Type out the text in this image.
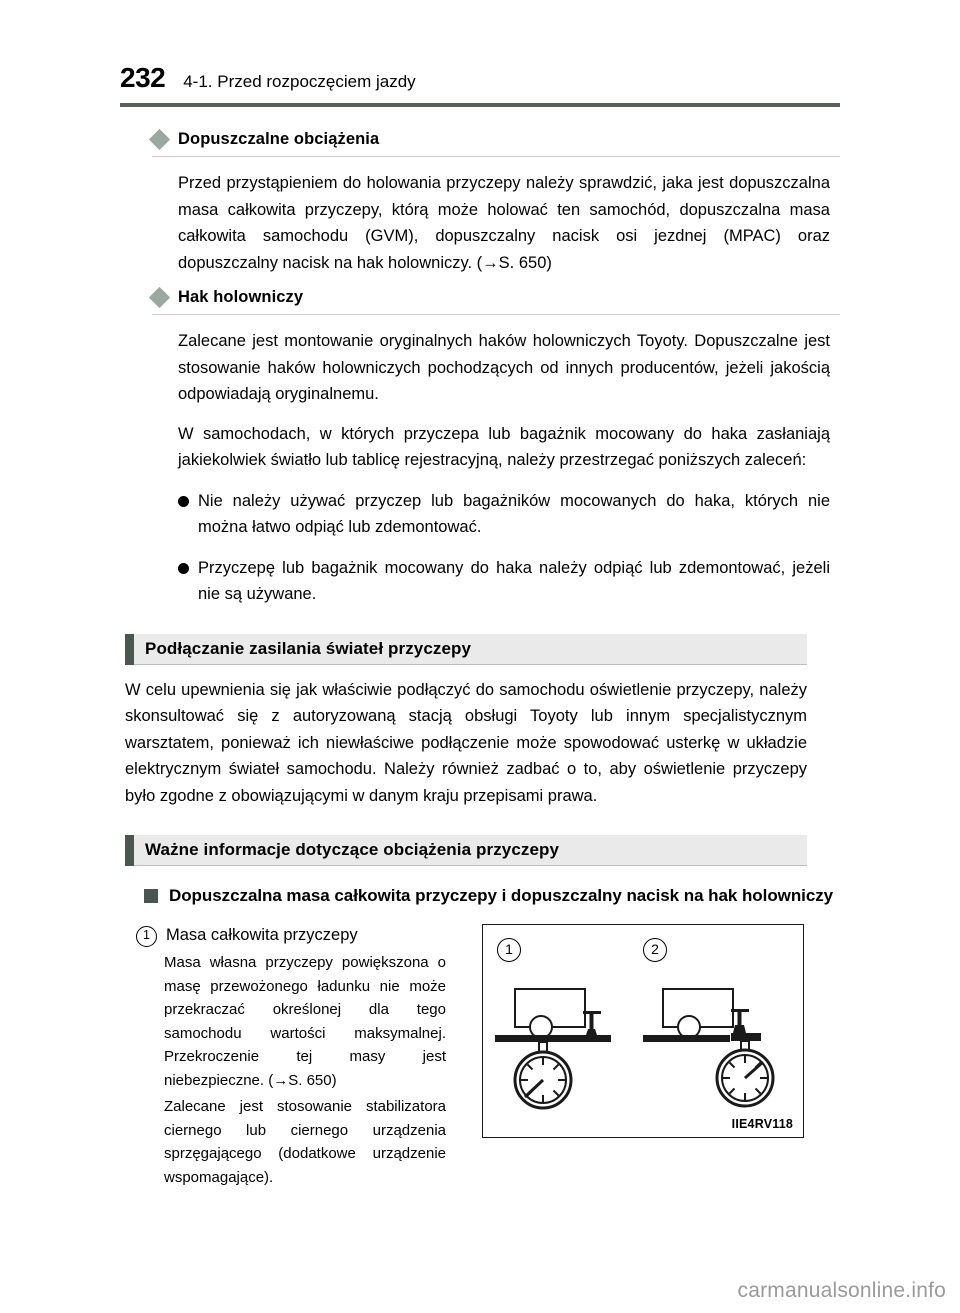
232 4-1. Przed rozpoczęciem jazdy
Dopuszczalne obciążenia
Przed przystąpieniem do holowania przyczepy należy sprawdzić, jaka jest dopuszczalna masa całkowita przyczepy, którą może holować ten samochód, dopuszczalna masa całkowita samochodu (GVM), dopuszczalny nacisk osi jezdnej (MPAC) oraz dopuszczalny nacisk na hak holowniczy. (→S. 650)
Hak holowniczy
Zalecane jest montowanie oryginalnych haków holowniczych Toyoty. Dopuszczalne jest stosowanie haków holowniczych pochodzących od innych producentów, jeżeli jakością odpowiadają oryginalnemu.
W samochodach, w których przyczepa lub bagażnik mocowany do haka zasłaniają jakiekolwiek światło lub tablicę rejestracyjną, należy przestrzegać poniższych zaleceń:
Nie należy używać przyczep lub bagażników mocowanych do haka, których nie można łatwo odpiąć lub zdemontować.
Przyczepę lub bagażnik mocowany do haka należy odpiąć lub zdemontować, jeżeli nie są używane.
Podłączanie zasilania świateł przyczepy
W celu upewnienia się jak właściwie podłączyć do samochodu oświetlenie przyczepy, należy skonsultować się z autoryzowaną stacją obsługi Toyoty lub innym specjalistycznym warsztatem, ponieważ ich niewłaściwe podłączenie może spowodować usterkę w układzie elektrycznym świateł samochodu. Należy również zadbać o to, aby oświetlenie przyczepy było zgodne z obowiązującymi w danym kraju przepisami prawa.
Ważne informacje dotyczące obciążenia przyczepy
Dopuszczalna masa całkowita przyczepy i dopuszczalny nacisk na hak holowniczy
1 Masa całkowita przyczepy
Masa własna przyczepy powiększona o masę przewożonego ładunku nie może przekraczać określonej dla tego samochodu wartości maksymalnej. Przekroczenie tej masy jest niebezpieczne. (→S. 650)
Zalecane jest stosowanie stabilizatora ciernego lub ciernego urządzenia sprzęgającego (dodatkowe urządzenie wspomagające).
1	2
IIE4RV118
carmanualsonline.info
